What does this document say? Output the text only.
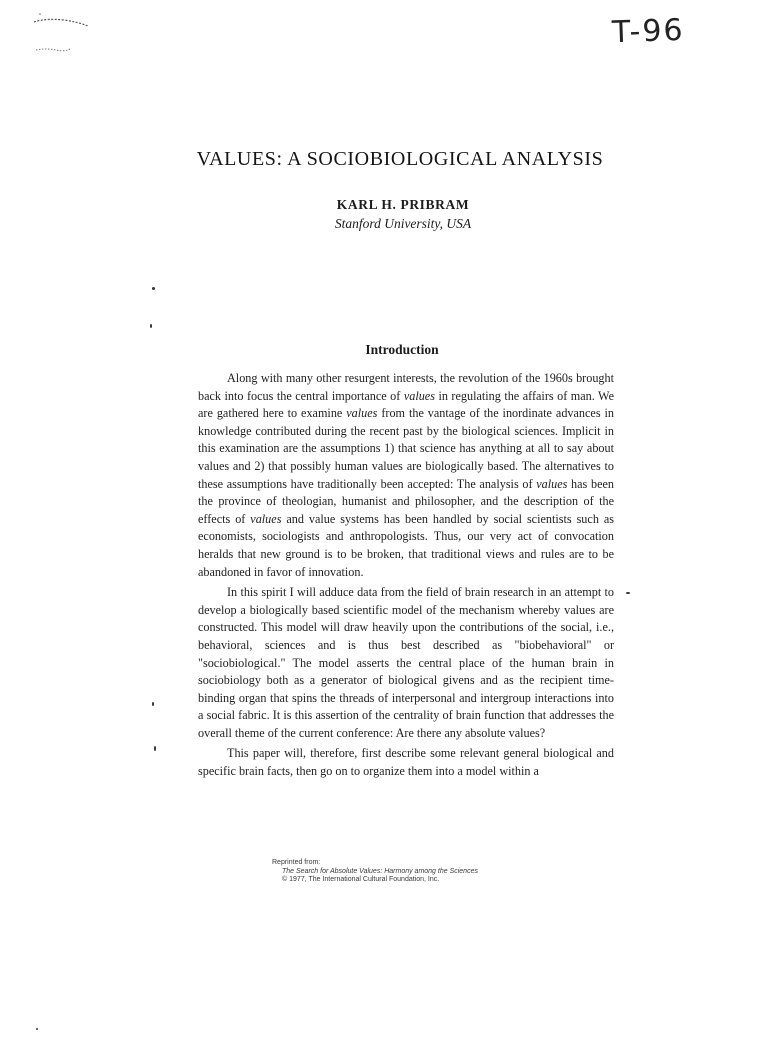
T-96
VALUES: A SOCIOBIOLOGICAL ANALYSIS
KARL H. PRIBRAM
Stanford University, USA
Introduction

Along with many other resurgent interests, the revolution of the 1960s brought back into focus the central importance of values in regulating the affairs of man. We are gathered here to examine values from the vantage of the inordinate advances in knowledge contributed during the recent past by the biological sciences. Implicit in this examination are the assumptions 1) that science has anything at all to say about values and 2) that possibly human values are biologically based. The alternatives to these assumptions have traditionally been accepted: The analysis of values has been the province of theologian, humanist and philosopher, and the description of the effects of values and value systems has been handled by social scientists such as economists, sociologists and anthropologists. Thus, our very act of convocation heralds that new ground is to be broken, that traditional views and rules are to be abandoned in favor of innovation.

In this spirit I will adduce data from the field of brain research in an attempt to develop a biologically based scientific model of the mechanism whereby values are constructed. This model will draw heavily upon the contributions of the social, i.e., behavioral, sciences and is thus best described as "biobehavioral" or "sociobiological." The model asserts the central place of the human brain in sociobiology both as a generator of biological givens and as the recipient time-binding organ that spins the threads of interpersonal and intergroup interactions into a social fabric. It is this assertion of the centrality of brain function that addresses the overall theme of the current conference: Are there any absolute values?

This paper will, therefore, first describe some relevant general biological and specific brain facts, then go on to organize them into a model within a

Reprinted from:
The Search for Absolute Values: Harmony among the Sciences
© 1977, The International Cultural Foundation, Inc.
